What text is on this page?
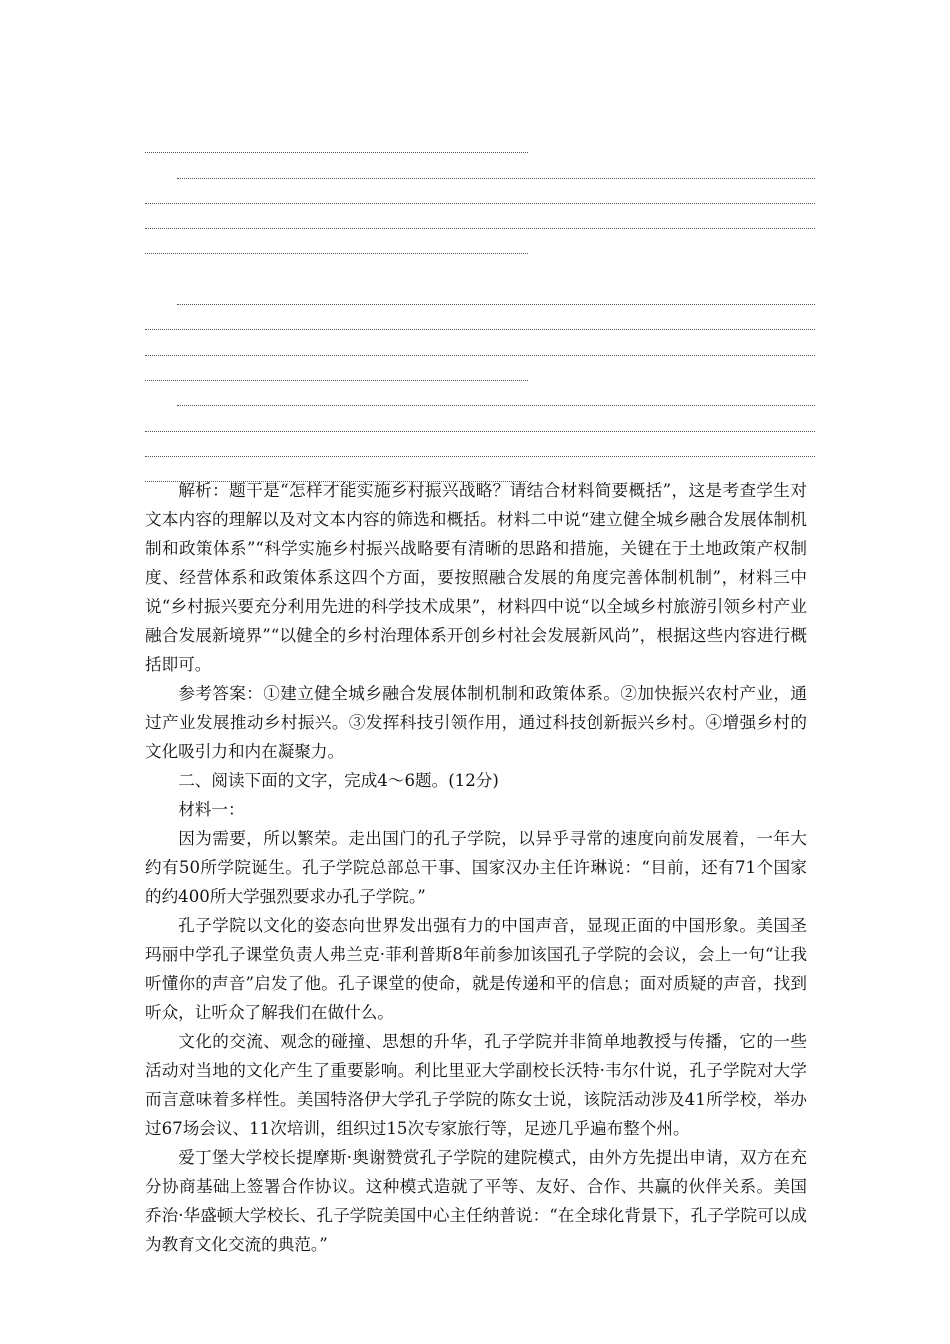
解析：题干是“怎样才能实施乡村振兴战略？请结合材料简要概括”，这是考查学生对文本内容的理解以及对文本内容的筛选和概括。材料二中说“建立健全城乡融合发展体制机制和政策体系”“科学实施乡村振兴战略要有清晰的思路和措施，关键在于土地政策产权制度、经营体系和政策体系这四个方面，要按照融合发展的角度完善体制机制”，材料三中说“乡村振兴要充分利用先进的科学技术成果”，材料四中说“以全域乡村旅游引领乡村产业融合发展新境界”“以健全的乡村治理体系开创乡村社会发展新风尚”，根据这些内容进行概括即可。

参考答案：①建立健全城乡融合发展体制机制和政策体系。②加快振兴农村产业，通过产业发展推动乡村振兴。③发挥科技引领作用，通过科技创新振兴乡村。④增强乡村的文化吸引力和内在凝聚力。

二、阅读下面的文字，完成4～6题。(12分)

材料一：

因为需要，所以繁荣。走出国门的孔子学院，以异乎寻常的速度向前发展着，一年大约有50所学院诞生。孔子学院总部总干事、国家汉办主任许琳说：“目前，还有71个国家的约400所大学强烈要求办孔子学院。”

孔子学院以文化的姿态向世界发出强有力的中国声音，显现正面的中国形象。美国圣玛丽中学孔子课堂负责人弗兰克·菲利普斯8年前参加该国孔子学院的会议，会上一句“让我听懂你的声音”启发了他。孔子课堂的使命，就是传递和平的信息；面对质疑的声音，找到听众，让听众了解我们在做什么。

文化的交流、观念的碰撞、思想的升华，孔子学院并非简单地教授与传播，它的一些活动对当地的文化产生了重要影响。利比里亚大学副校长沃特·韦尔什说，孔子学院对大学而言意味着多样性。美国特洛伊大学孔子学院的陈女士说，该院活动涉及41所学校，举办过67场会议、11次培训，组织过15次专家旅行等，足迹几乎遍布整个州。

爱丁堡大学校长提摩斯·奥谢赞赏孔子学院的建院模式，由外方先提出申请，双方在充分协商基础上签署合作协议。这种模式造就了平等、友好、合作、共赢的伙伴关系。美国乔治·华盛顿大学校长、孔子学院美国中心主任纳普说：“在全球化背景下，孔子学院可以成为教育文化交流的典范。”
